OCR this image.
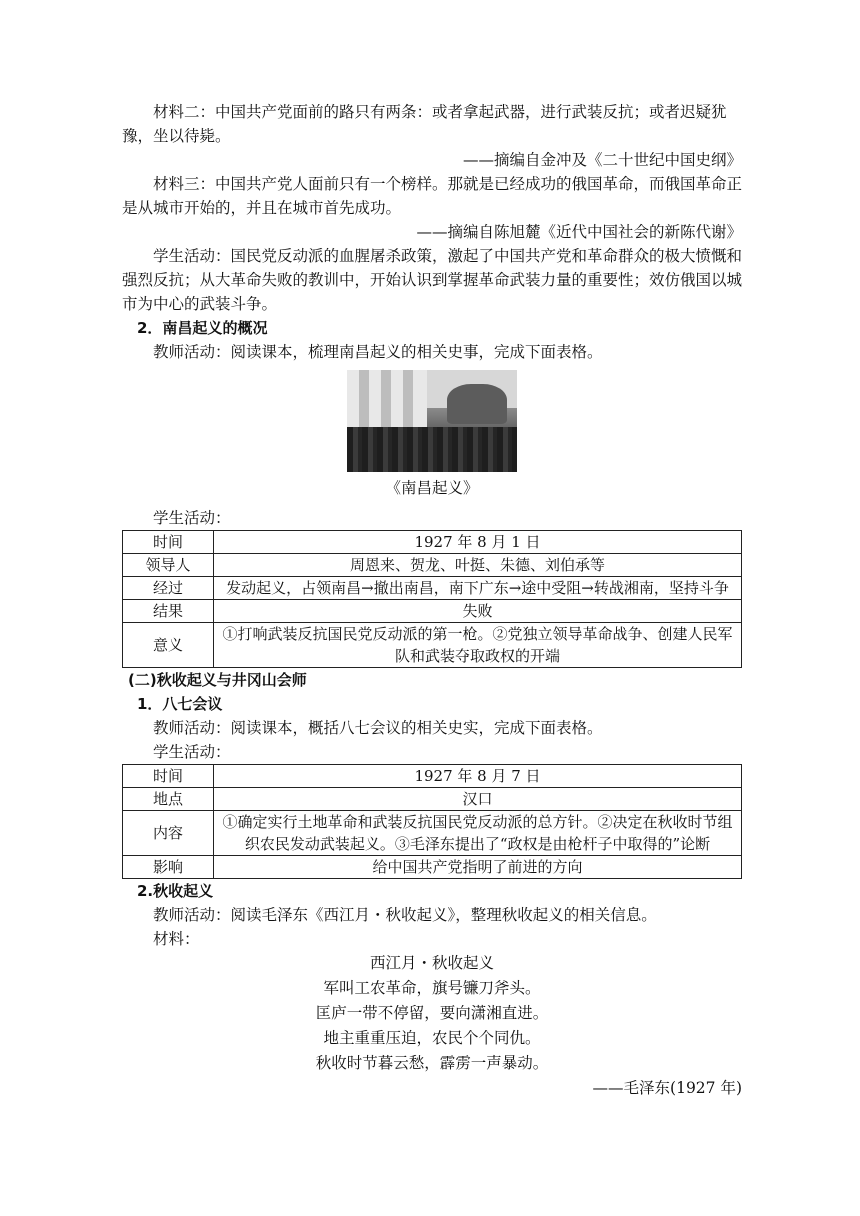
材料二：中国共产党面前的路只有两条：或者拿起武器，进行武装反抗；或者迟疑犹豫，坐以待毙。

——摘编自金冲及《二十世纪中国史纲》

材料三：中国共产党人面前只有一个榜样。那就是已经成功的俄国革命，而俄国革命正是从城市开始的，并且在城市首先成功。

——摘编自陈旭麓《近代中国社会的新陈代谢》

学生活动：国民党反动派的血腥屠杀政策，激起了中国共产党和革命群众的极大愤慨和强烈反抗；从大革命失败的教训中，开始认识到掌握革命武装力量的重要性；效仿俄国以城市为中心的武装斗争。

2．南昌起义的概况

教师活动：阅读课本，梳理南昌起义的相关史事，完成下面表格。

《南昌起义》

学生活动：

时间	1927 年 8 月 1 日
领导人	周恩来、贺龙、叶挺、朱德、刘伯承等
经过	发动起义，占领南昌→撤出南昌，南下广东→途中受阻→转战湘南，坚持斗争
结果	失败
意义	①打响武装反抗国民党反动派的第一枪。②党独立领导革命战争、创建人民军队和武装夺取政权的开端
(二)秋收起义与井冈山会师
1．八七会议

教师活动：阅读课本，概括八七会议的相关史实，完成下面表格。

学生活动：

时间	1927 年 8 月 7 日
地点	汉口
内容	①确定实行土地革命和武装反抗国民党反动派的总方针。②决定在秋收时节组织农民发动武装起义。③毛泽东提出了“政权是由枪杆子中取得的”论断
影响	给中国共产党指明了前进的方向
2.秋收起义

教师活动：阅读毛泽东《西江月・秋收起义》，整理秋收起义的相关信息。

材料：

西江月・秋收起义
军叫工农革命，旗号镰刀斧头。
匡庐一带不停留，要向潇湘直进。
地主重重压迫，农民个个同仇。
秋收时节暮云愁，霹雳一声暴动。
——毛泽东(1927 年)
